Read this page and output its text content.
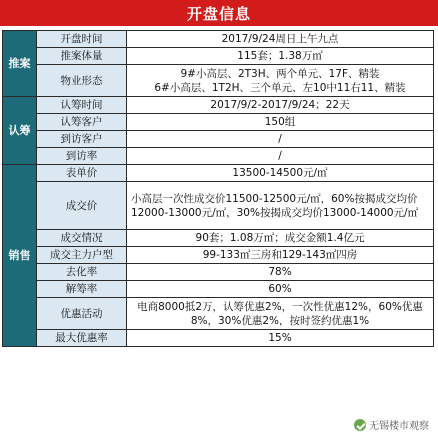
开盘信息
推案	开盘时间	2017/9/24周日上午九点
	推案体量	115套；1.38万㎡
	物业形态	9#小高层、2T3H、两个单元、17F、精装
6#小高层、1T2H、三个单元、左10中11右11、精装
认筹	认筹时间	2017/9/2-2017/9/24；22天
	认筹客户	150组
	到访客户	/
	到访率	/
销售	表单价	13500-14500元/㎡
	成交价	小高层一次性成交价11500-12500元/㎡，60%按揭成交均价12000-13000元/㎡，30%按揭成交均价13000-14000元/㎡
	成交情况	90套；1.08万㎡；成交金额1.4亿元
	成交主力户型	99-133㎡三房和129-143㎡四房
	去化率	78%
	解筹率	60%
	优惠活动	电商8000抵2万，认筹优惠2%，一次性优惠12%，60%优惠8%，30%优惠2%，按时签约优惠1%
	最大优惠率	15%
无锡楼市观察
